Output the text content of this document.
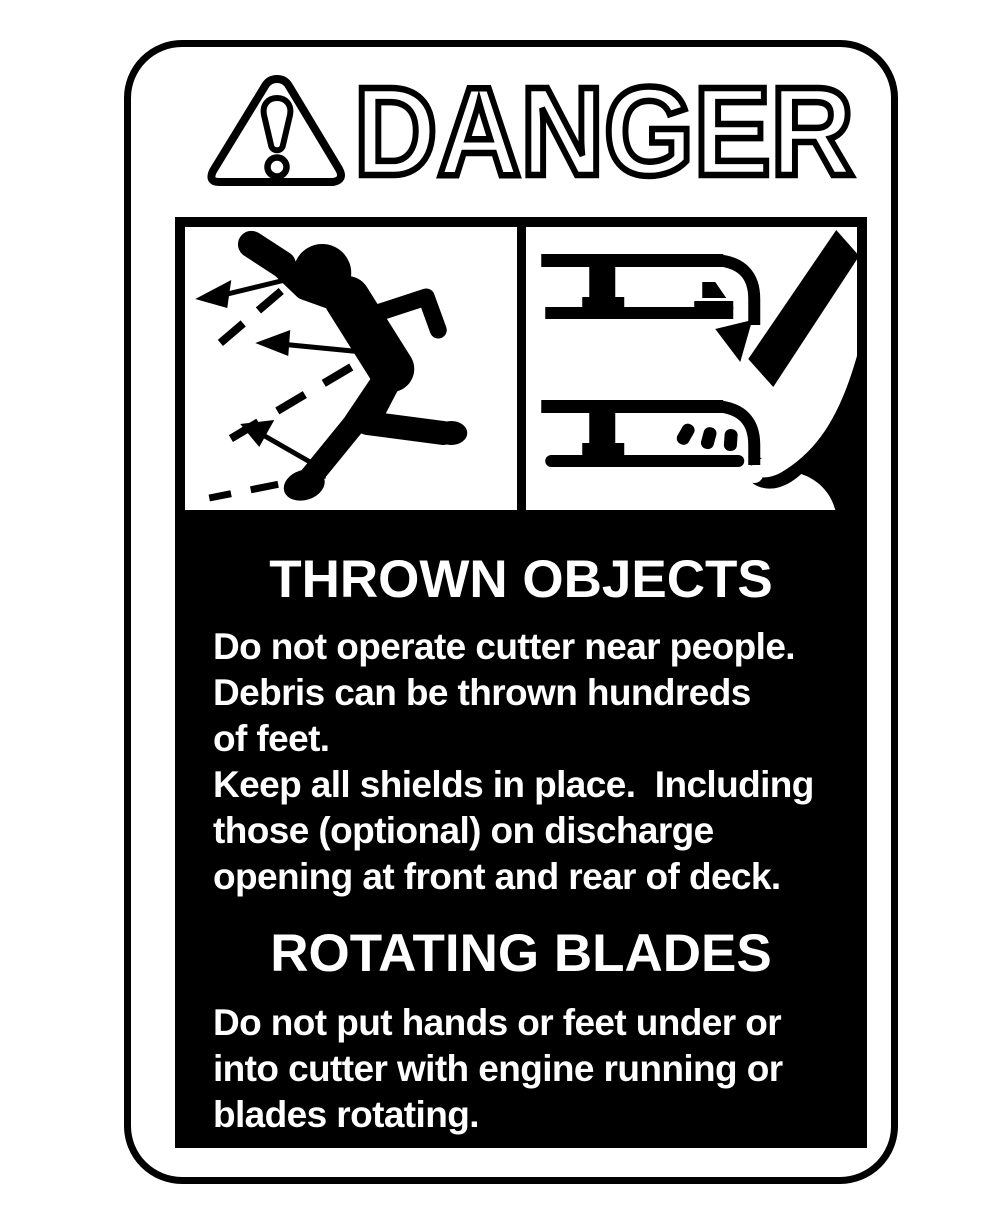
DANGER
THROWN OBJECTS
Do not operate cutter near people.
Debris can be thrown hundreds
of feet.
Keep all shields in place.  Including
those (optional) on discharge
opening at front and rear of deck.
ROTATING BLADES
Do not put hands or feet under or
into cutter with engine running or
blades rotating.
